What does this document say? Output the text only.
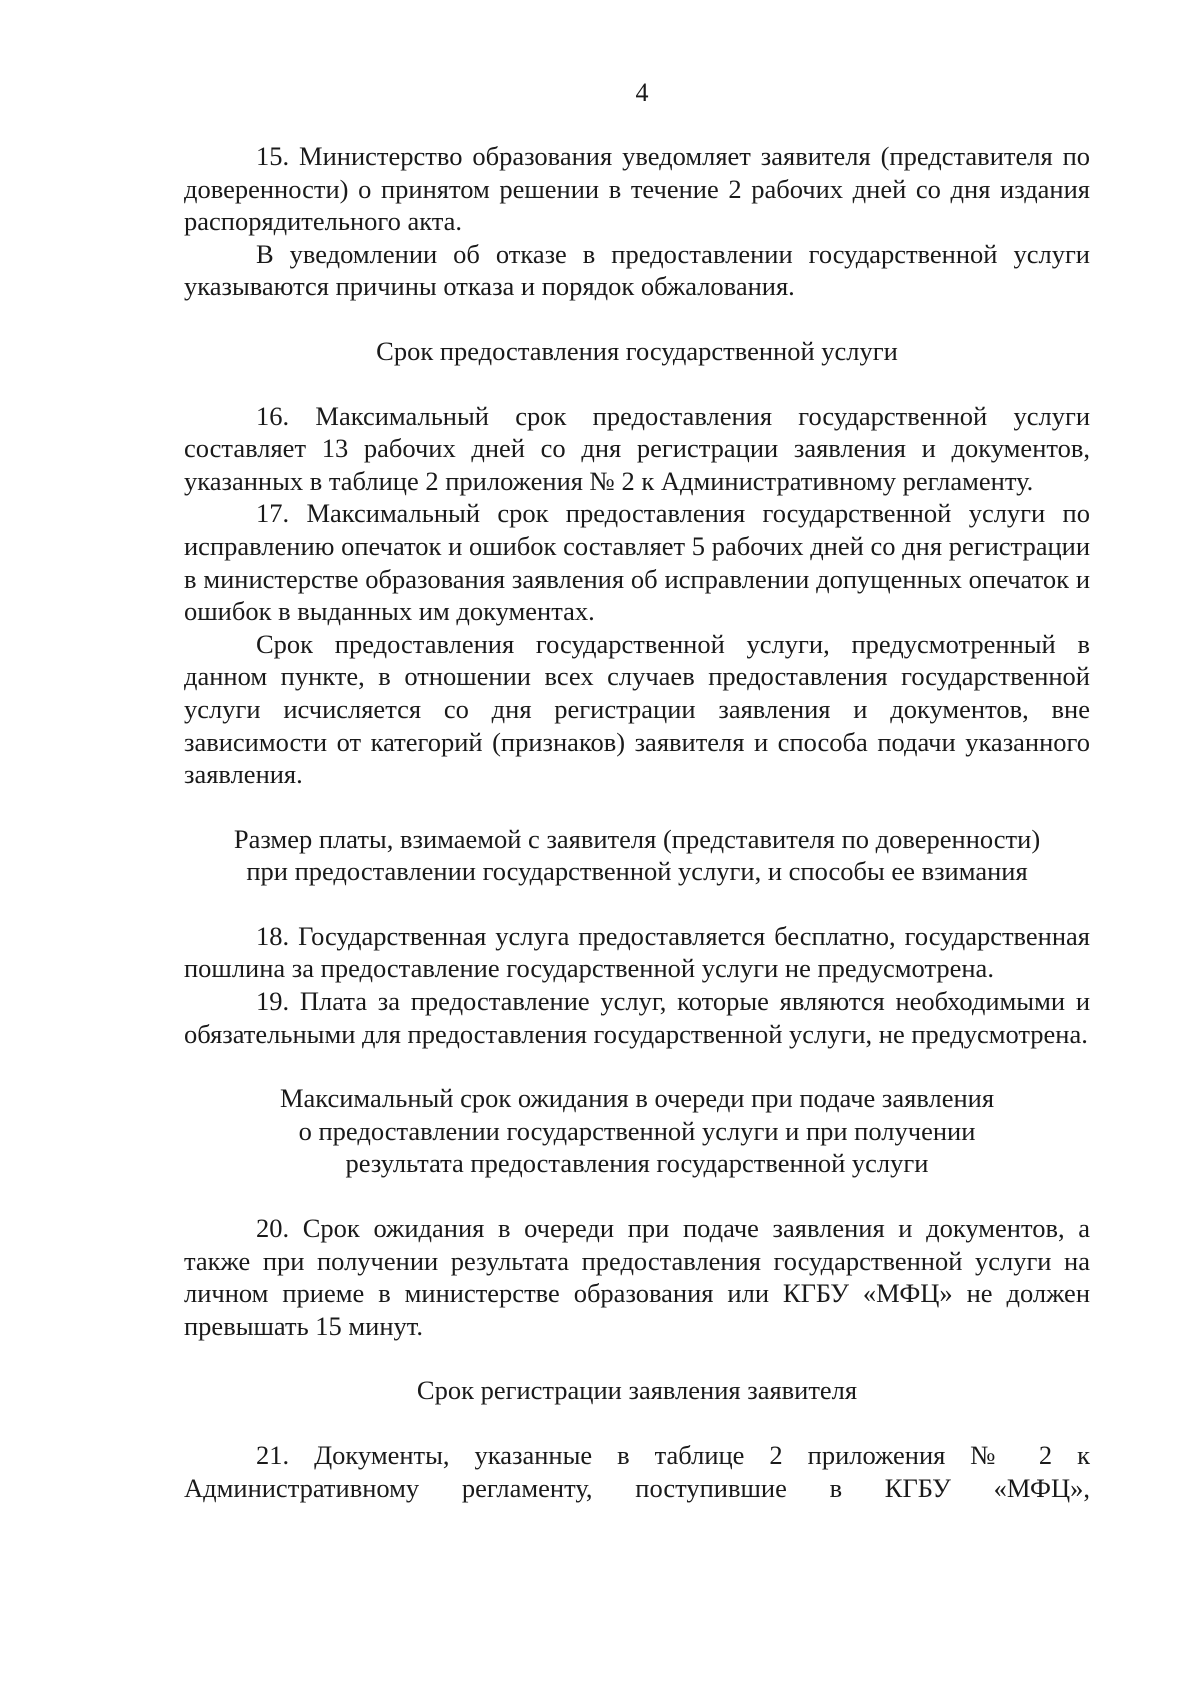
4

15. Министерство образования уведомляет заявителя (представителя по доверенности) о принятом решении в течение 2 рабочих дней со дня издания распорядительного акта.

В уведомлении об отказе в предоставлении государственной услуги указываются причины отказа и порядок обжалования.

Срок предоставления государственной услуги

16. Максимальный срок предоставления государственной услуги составляет 13 рабочих дней со дня регистрации заявления и документов, указанных в таблице 2 приложения № 2 к Административному регламенту.

17. Максимальный срок предоставления государственной услуги по исправлению опечаток и ошибок составляет 5 рабочих дней со дня регистрации в министерстве образования заявления об исправлении допущенных опечаток и ошибок в выданных им документах.

Срок предоставления государственной услуги, предусмотренный в данном пункте, в отношении всех случаев предоставления государственной услуги исчисляется со дня регистрации заявления и документов, вне зависимости от категорий (признаков) заявителя и способа подачи указанного заявления.

Размер платы, взимаемой с заявителя (представителя по доверенности)
при предоставлении государственной услуги, и способы ее взимания

18. Государственная услуга предоставляется бесплатно, государственная пошлина за предоставление государственной услуги не предусмотрена.

19. Плата за предоставление услуг, которые являются необходимыми и обязательными для предоставления государственной услуги, не предусмотрена.

Максимальный срок ожидания в очереди при подаче заявления
о предоставлении государственной услуги и при получении
результата предоставления государственной услуги

20. Срок ожидания в очереди при подаче заявления и документов, а также при получении результата предоставления государственной услуги на личном приеме в министерстве образования или КГБУ «МФЦ» не должен превышать 15 минут.

Срок регистрации заявления заявителя

21. Документы, указанные в таблице 2 приложения № 2 к Административному регламенту, поступившие в КГБУ «МФЦ»,
